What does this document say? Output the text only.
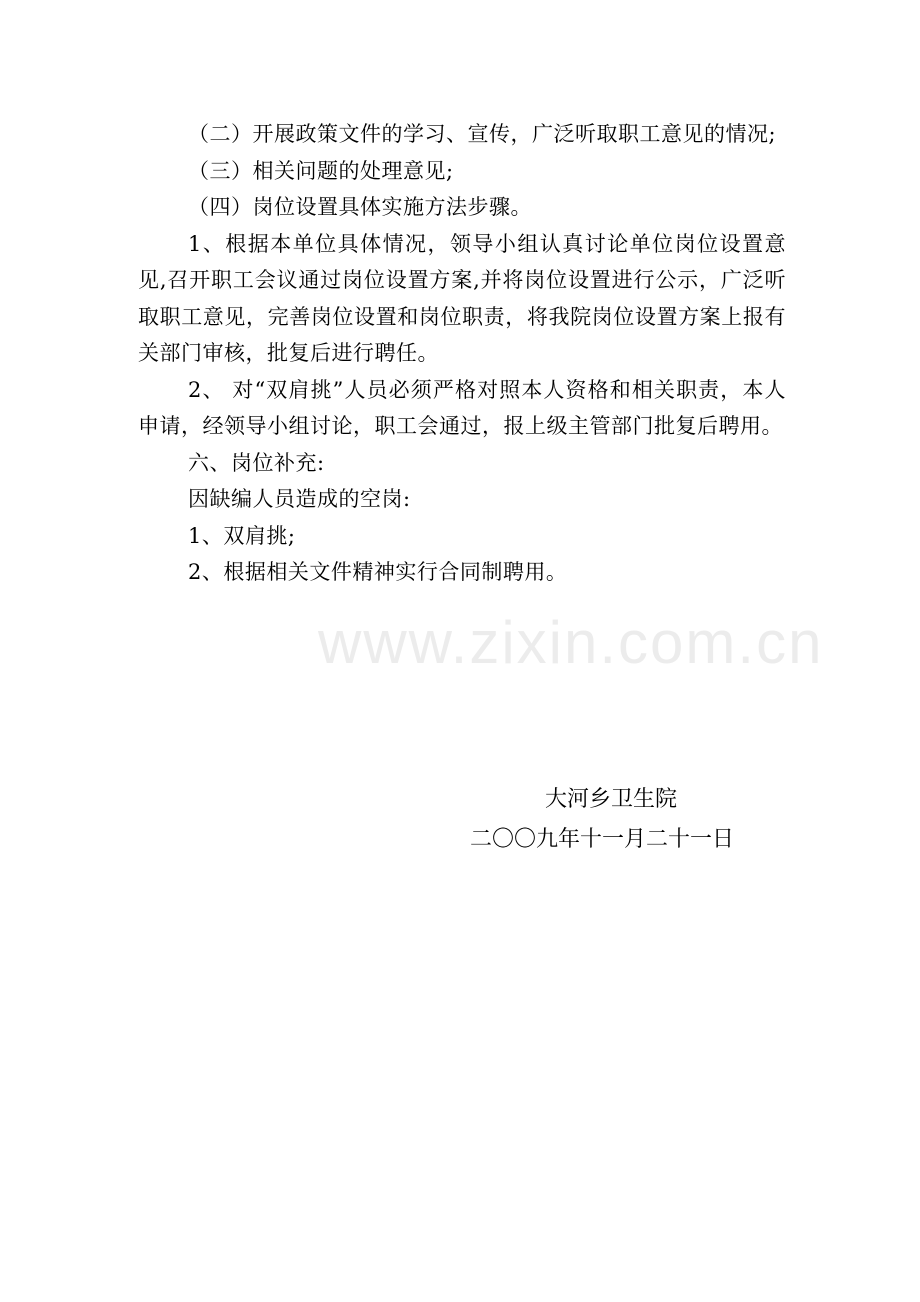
（二）开展政策文件的学习、宣传，广泛听取职工意见的情况;

（三）相关问题的处理意见;

（四）岗位设置具体实施方法步骤。

1、根据本单位具体情况，领导小组认真讨论单位岗位设置意见,召开职工会议通过岗位设置方案,并将岗位设置进行公示，广泛听取职工意见，完善岗位设置和岗位职责，将我院岗位设置方案上报有关部门审核，批复后进行聘任。

2、 对“双肩挑”人员必须严格对照本人资格和相关职责，本人申请，经领导小组讨论，职工会通过，报上级主管部门批复后聘用。

六、岗位补充:

因缺编人员造成的空岗:

1、双肩挑;

2、根据相关文件精神实行合同制聘用。

www.zixin.com.cn

大河乡卫生院

二〇〇九年十一月二十一日
